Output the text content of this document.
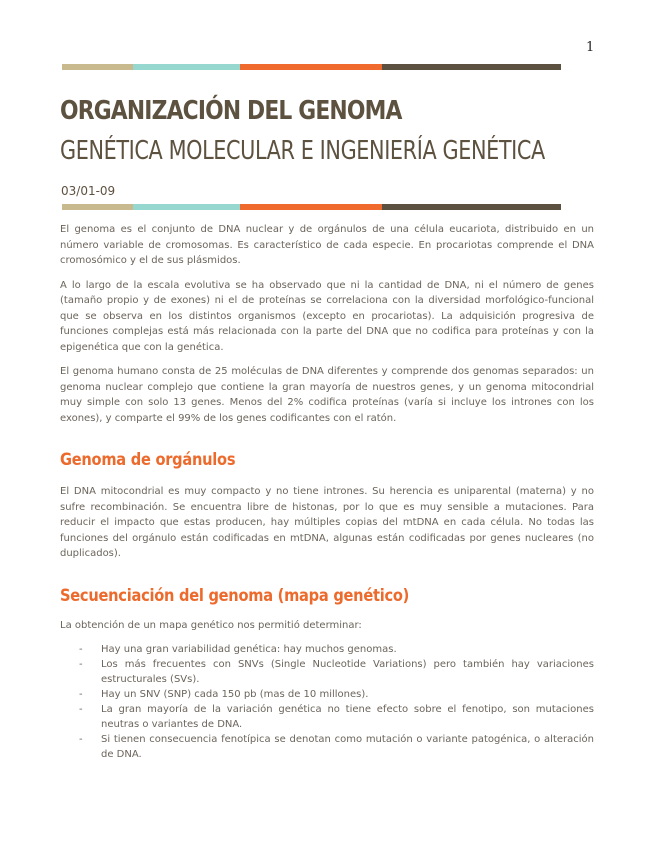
1
ORGANIZACIÓN DEL GENOMA
GENÉTICA MOLECULAR E INGENIERÍA GENÉTICA
03/01-09

El genoma es el conjunto de DNA nuclear y de orgánulos de una célula eucariota, distribuido en un número variable de cromosomas. Es característico de cada especie. En procariotas comprende el DNA cromosómico y el de sus plásmidos.

A lo largo de la escala evolutiva se ha observado que ni la cantidad de DNA, ni el número de genes (tamaño propio y de exones) ni el de proteínas se correlaciona con la diversidad morfológico-funcional que se observa en los distintos organismos (excepto en procariotas). La adquisición progresiva de funciones complejas está más relacionada con la parte del DNA que no codifica para proteínas y con la epigenética que con la genética.

El genoma humano consta de 25 moléculas de DNA diferentes y comprende dos genomas separados: un genoma nuclear complejo que contiene la gran mayoría de nuestros genes, y un genoma mitocondrial muy simple con solo 13 genes. Menos del 2% codifica proteínas (varía si incluye los intrones con los exones), y comparte el 99% de los genes codificantes con el ratón.

Genoma de orgánulos

El DNA mitocondrial es muy compacto y no tiene intrones. Su herencia es uniparental (materna) y no sufre recombinación. Se encuentra libre de histonas, por lo que es muy sensible a mutaciones. Para reducir el impacto que estas producen, hay múltiples copias del mtDNA en cada célula. No todas las funciones del orgánulo están codificadas en mtDNA, algunas están codificadas por genes nucleares (no duplicados).

Secuenciación del genoma (mapa genético)

La obtención de un mapa genético nos permitió determinar:

- Hay una gran variabilidad genética: hay muchos genomas.
- Los más frecuentes con SNVs (Single Nucleotide Variations) pero también hay variaciones estructurales (SVs).
- Hay un SNV (SNP) cada 150 pb (mas de 10 millones).
- La gran mayoría de la variación genética no tiene efecto sobre el fenotipo, son mutaciones neutras o variantes de DNA.
- Si tienen consecuencia fenotípica se denotan como mutación o variante patogénica, o alteración de DNA.
